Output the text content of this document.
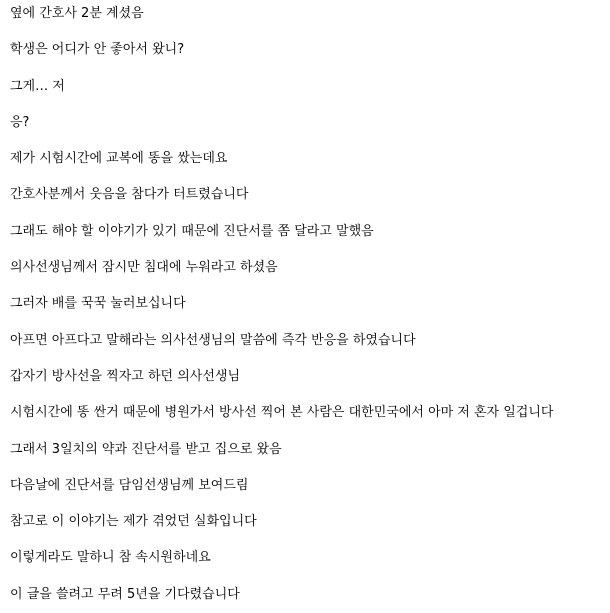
옆에 간호사 2분 계셨음

학생은 어디가 안 좋아서 왔니?

그게… 저

응?

제가 시험시간에 교복에 똥을 쌌는데요

간호사분께서 웃음을 참다가 터트렸습니다

그래도 해야 할 이야기가 있기 때문에 진단서를 쫌 달라고 말했음

의사선생님께서 잠시만 침대에 누워라고 하셨음

그러자 배를 꾹꾹 눌러보십니다

아프면 아프다고 말해라는 의사선생님의 말씀에 즉각 반응을 하였습니다

갑자기 방사선을 찍자고 하던 의사선생님

시험시간에 똥 싼거 때문에 병원가서 방사선 찍어 본 사람은 대한민국에서 아마 저 혼자 일겁니다

그래서 3일치의 약과 진단서를 받고 집으로 왔음

다음날에 진단서를 담임선생님께 보여드림

참고로 이 이야기는 제가 겪었던 실화입니다

이렇게라도 말하니 참 속시원하네요

이 글을 쓸려고 무려 5년을 기다렸습니다
